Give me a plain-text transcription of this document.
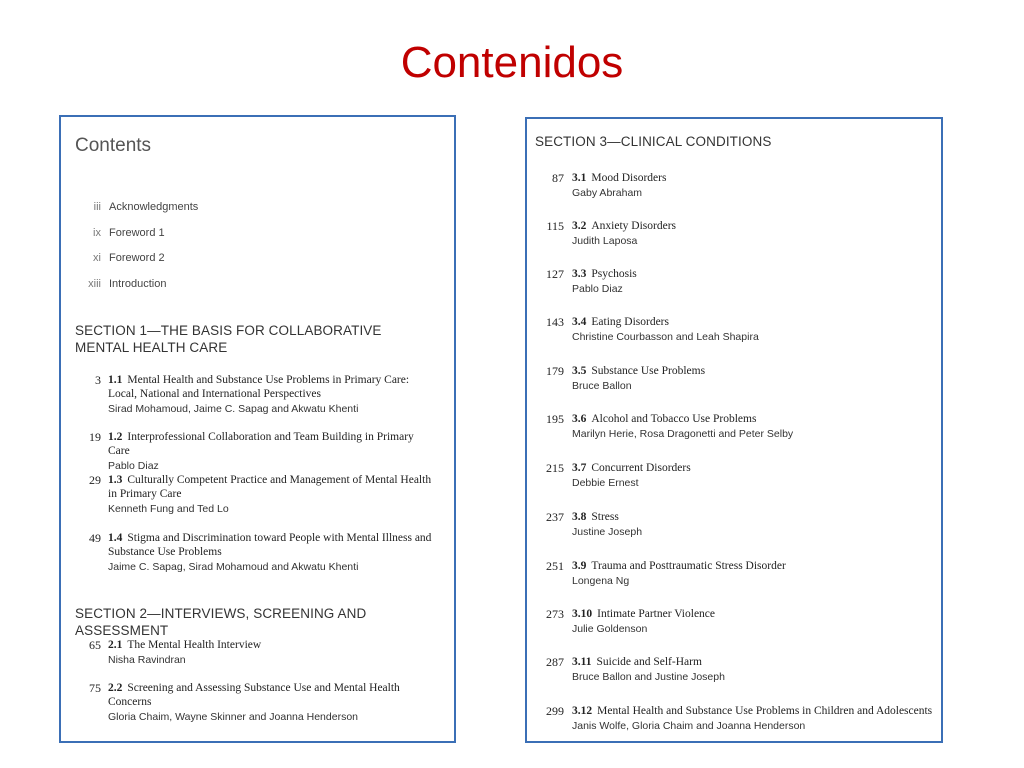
Contenidos
Contents
iii Acknowledgments
ix Foreword 1
xi Foreword 2
xiii Introduction
SECTION 1—THE BASIS FOR COLLABORATIVE MENTAL HEALTH CARE
3 1.1 Mental Health and Substance Use Problems in Primary Care: Local, National and International Perspectives
Sirad Mohamoud, Jaime C. Sapag and Akwatu Khenti
19 1.2 Interprofessional Collaboration and Team Building in Primary Care
Pablo Diaz
29 1.3 Culturally Competent Practice and Management of Mental Health in Primary Care
Kenneth Fung and Ted Lo
49 1.4 Stigma and Discrimination toward People with Mental Illness and Substance Use Problems
Jaime C. Sapag, Sirad Mohamoud and Akwatu Khenti
SECTION 2—INTERVIEWS, SCREENING AND ASSESSMENT
65 2.1 The Mental Health Interview
Nisha Ravindran
75 2.2 Screening and Assessing Substance Use and Mental Health Concerns
Gloria Chaim, Wayne Skinner and Joanna Henderson
SECTION 3—CLINICAL CONDITIONS
87 3.1 Mood Disorders
Gaby Abraham
115 3.2 Anxiety Disorders
Judith Laposa
127 3.3 Psychosis
Pablo Diaz
143 3.4 Eating Disorders
Christine Courbasson and Leah Shapira
179 3.5 Substance Use Problems
Bruce Ballon
195 3.6 Alcohol and Tobacco Use Problems
Marilyn Herie, Rosa Dragonetti and Peter Selby
215 3.7 Concurrent Disorders
Debbie Ernest
237 3.8 Stress
Justine Joseph
251 3.9 Trauma and Posttraumatic Stress Disorder
Longena Ng
273 3.10 Intimate Partner Violence
Julie Goldenson
287 3.11 Suicide and Self-Harm
Bruce Ballon and Justine Joseph
299 3.12 Mental Health and Substance Use Problems in Children and Adolescents
Janis Wolfe, Gloria Chaim and Joanna Henderson
